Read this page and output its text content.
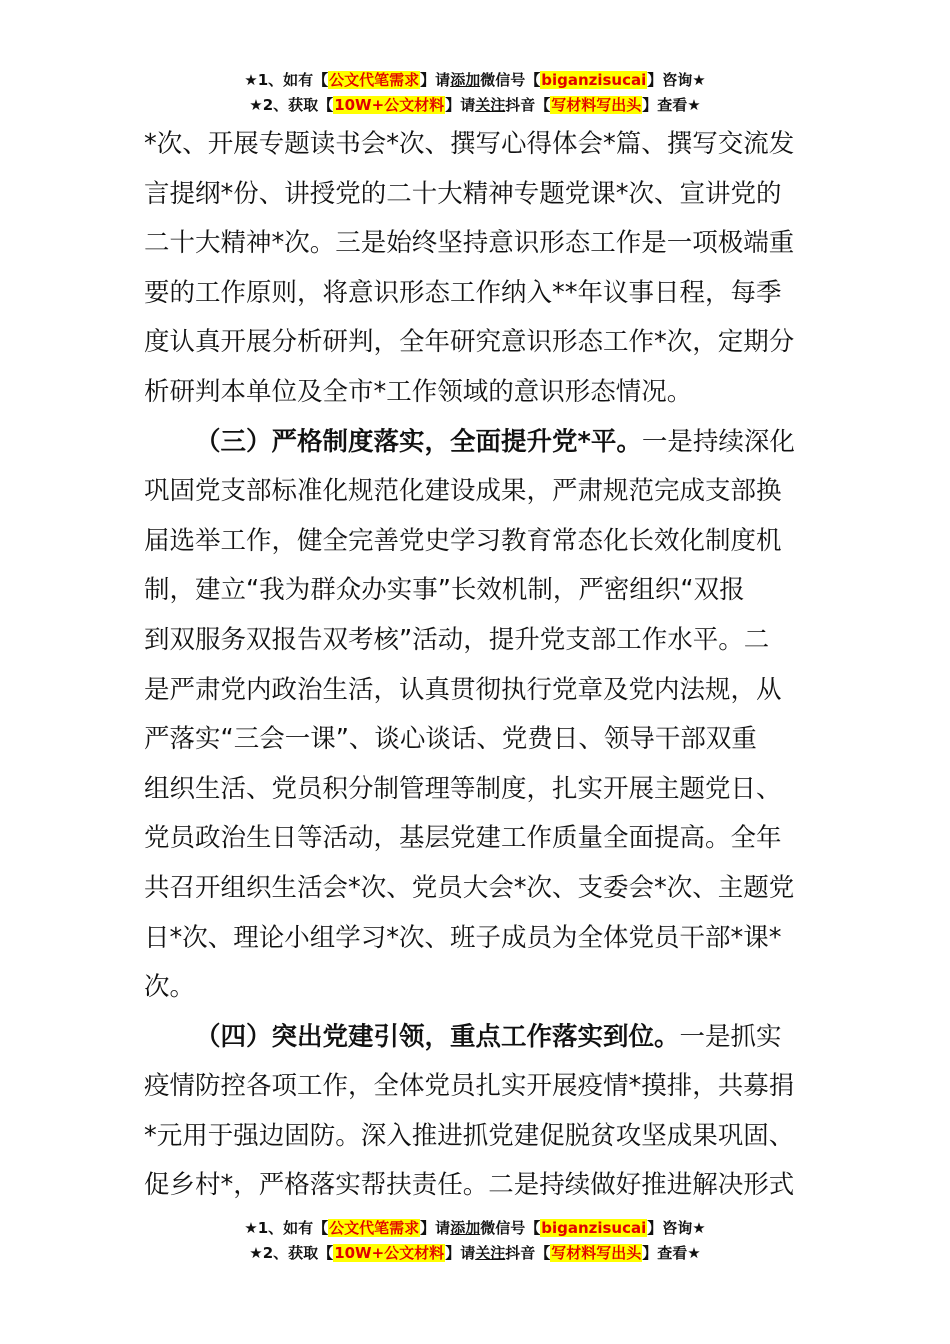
★1、如有【公文代笔需求】请添加微信号【biganzisucai】咨询★
★2、获取【10W+公文材料】请关注抖音【写材料写出头】查看★

*次、开展专题读书会*次、撰写心得体会*篇、撰写交流发
言提纲*份、讲授党的二十大精神专题党课*次、宣讲党的
二十大精神*次。三是始终坚持意识形态工作是一项极端重
要的工作原则，将意识形态工作纳入**年议事日程，每季
度认真开展分析研判，全年研究意识形态工作*次，定期分
析研判本单位及全市*工作领域的意识形态情况。

（三）严格制度落实，全面提升党*平。一是持续深化
巩固党支部标准化规范化建设成果，严肃规范完成支部换
届选举工作，健全完善党史学习教育常态化长效化制度机
制，建立“我为群众办实事”长效机制，严密组织“双报
到双服务双报告双考核”活动，提升党支部工作水平。二
是严肃党内政治生活，认真贯彻执行党章及党内法规，从
严落实“三会一课”、谈心谈话、党费日、领导干部双重
组织生活、党员积分制管理等制度，扎实开展主题党日、
党员政治生日等活动，基层党建工作质量全面提高。全年
共召开组织生活会*次、党员大会*次、支委会*次、主题党
日*次、理论小组学习*次、班子成员为全体党员干部*课*
次。

（四）突出党建引领，重点工作落实到位。一是抓实
疫情防控各项工作，全体党员扎实开展疫情*摸排，共募捐
*元用于强边固防。深入推进抓党建促脱贫攻坚成果巩固、
促乡村*，严格落实帮扶责任。二是持续做好推进解决形式

★1、如有【公文代笔需求】请添加微信号【biganzisucai】咨询★
★2、获取【10W+公文材料】请关注抖音【写材料写出头】查看★
